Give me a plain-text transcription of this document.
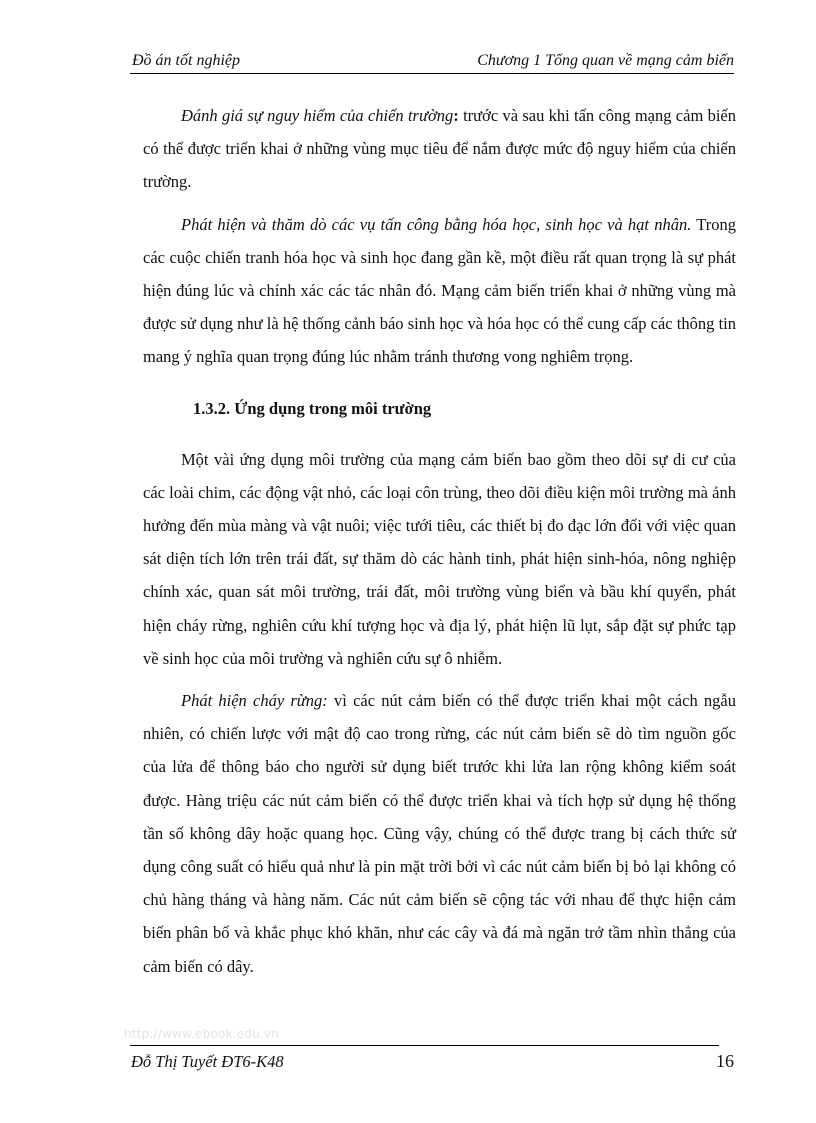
Đồ án tốt nghiệp	Chương 1 Tổng quan về mạng cảm biến

Đánh giá sự nguy hiểm của chiến trường: trước và sau khi tấn công mạng cảm biến có thể được triển khai ở những vùng mục tiêu để nắm được mức độ nguy hiểm của chiến trường.

Phát hiện và thăm dò các vụ tấn công bằng hóa học, sinh học và hạt nhân. Trong các cuộc chiến tranh hóa học và sinh học đang gần kề, một điều rất quan trọng là sự phát hiện đúng lúc và chính xác các tác nhân đó. Mạng cảm biến triển khai ở những vùng mà được sử dụng như là hệ thống cảnh báo sinh học và hóa học có thể cung cấp các thông tin mang ý nghĩa quan trọng đúng lúc nhằm tránh thương vong nghiêm trọng.

1.3.2. Ứng dụng trong môi trường

Một vài ứng dụng môi trường của mạng cảm biến bao gồm theo dõi sự di cư của các loài chim, các động vật nhỏ, các loại côn trùng, theo dõi điều kiện môi trường mà ảnh hưởng đến mùa màng và vật nuôi; việc tưới tiêu, các thiết bị đo đạc lớn đối với việc quan sát diện tích lớn trên trái đất, sự thăm dò các hành tinh, phát hiện sinh-hóa, nông nghiệp chính xác, quan sát môi trường, trái đất, môi trường vùng biển và bầu khí quyển, phát hiện cháy rừng, nghiên cứu khí tượng học và địa lý, phát hiện lũ lụt, sắp đặt sự phức tạp về sinh học của môi trường và nghiên cứu sự ô nhiễm.

Phát hiện cháy rừng: vì các nút cảm biến có thể được triển khai một cách ngẫu nhiên, có chiến lược với mật độ cao trong rừng, các nút cảm biến sẽ dò tìm nguồn gốc của lửa để thông báo cho người sử dụng biết trước khi lửa lan rộng không kiểm soát được. Hàng triệu các nút cảm biến có thể được triển khai và tích hợp sử dụng hệ thống tần số không dây hoặc quang học. Cũng vậy, chúng có thể được trang bị cách thức sử dụng công suất có hiểu quả như là pin mặt trời bởi vì các nút cảm biến bị bỏ lại không có chủ hàng tháng và hàng năm. Các nút cảm biến sẽ cộng tác với nhau để thực hiện cảm biến phân bố và khắc phục khó khăn, như các cây và đá mà ngăn trở tầm nhìn thẳng của cảm biến có dây.

http://www.ebook.edu.vn
Đỗ Thị Tuyết ĐT6-K48	16
